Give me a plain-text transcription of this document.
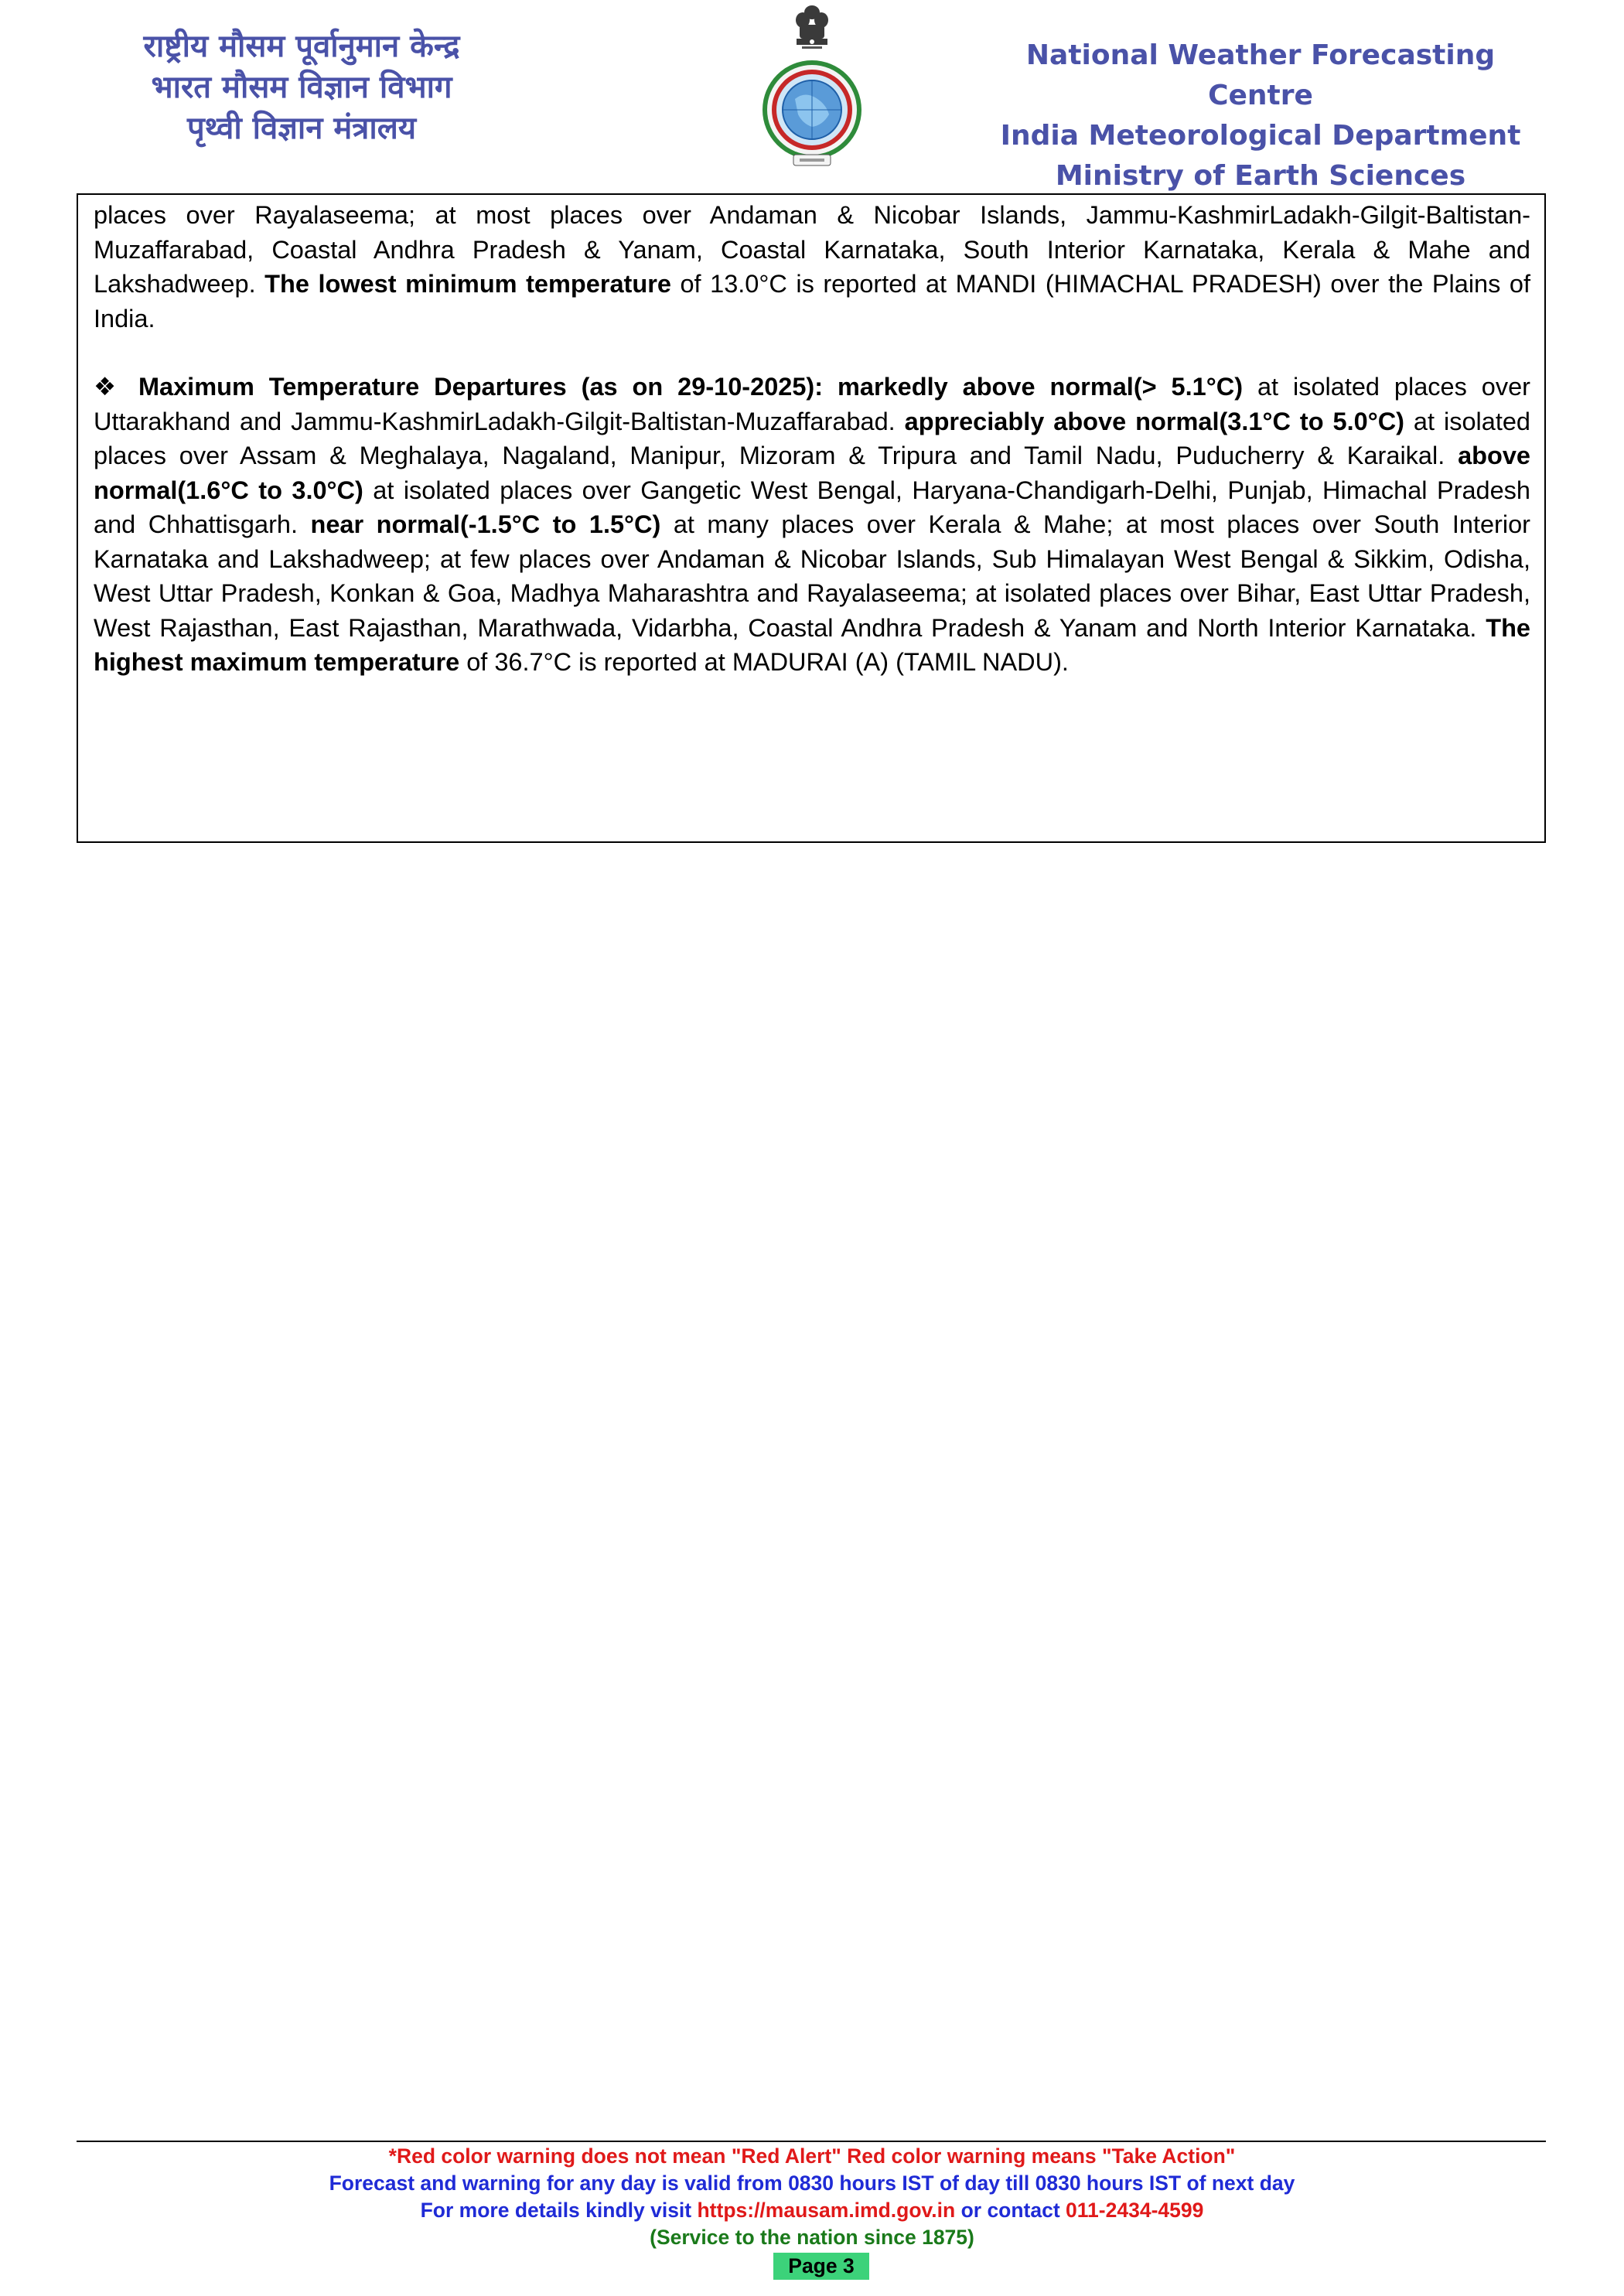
राष्ट्रीय मौसम पूर्वानुमान केन्द्र
भारत मौसम विज्ञान विभाग
पृथ्वी विज्ञान मंत्रालय
National Weather Forecasting Centre
India Meteorological Department
Ministry of Earth Sciences

places over Rayalaseema; at most places over Andaman & Nicobar Islands, Jammu-KashmirLadakh-Gilgit-Baltistan-Muzaffarabad, Coastal Andhra Pradesh & Yanam, Coastal Karnataka, South Interior Karnataka, Kerala & Mahe and Lakshadweep. The lowest minimum temperature of 13.0°C is reported at MANDI (HIMACHAL PRADESH) over the Plains of India.

❖ Maximum Temperature Departures (as on 29-10-2025): markedly above normal(> 5.1°C) at isolated places over Uttarakhand and Jammu-KashmirLadakh-Gilgit-Baltistan-Muzaffarabad. appreciably above normal(3.1°C to 5.0°C) at isolated places over Assam & Meghalaya, Nagaland, Manipur, Mizoram & Tripura and Tamil Nadu, Puducherry & Karaikal. above normal(1.6°C to 3.0°C) at isolated places over Gangetic West Bengal, Haryana-Chandigarh-Delhi, Punjab, Himachal Pradesh and Chhattisgarh. near normal(-1.5°C to 1.5°C) at many places over Kerala & Mahe; at most places over South Interior Karnataka and Lakshadweep; at few places over Andaman & Nicobar Islands, Sub Himalayan West Bengal & Sikkim, Odisha, West Uttar Pradesh, Konkan & Goa, Madhya Maharashtra and Rayalaseema; at isolated places over Bihar, East Uttar Pradesh, West Rajasthan, East Rajasthan, Marathwada, Vidarbha, Coastal Andhra Pradesh & Yanam and North Interior Karnataka. The highest maximum temperature of 36.7°C is reported at MADURAI (A) (TAMIL NADU).

*Red color warning does not mean "Red Alert" Red color warning means "Take Action"
Forecast and warning for any day is valid from 0830 hours IST of day till 0830 hours IST of next day
For more details kindly visit https://mausam.imd.gov.in or contact 011-2434-4599
(Service to the nation since 1875)
Page 3
